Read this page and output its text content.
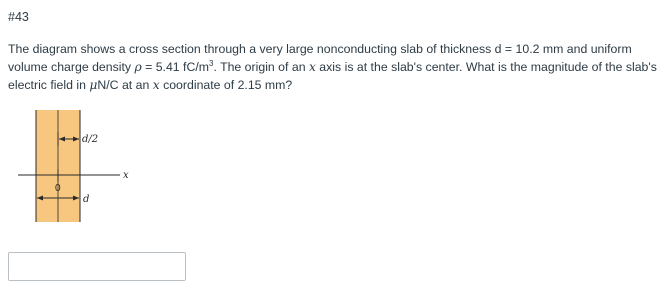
#43
The diagram shows a cross section through a very large nonconducting slab of thickness d = 10.2 mm and uniform volume charge density ρ = 5.41 $fC/m^3$. The origin of an x axis is at the slab's center. What is the magnitude of the slab's electric field in μN/C at an x coordinate of 2.15 mm?
d/2
x
0
d
